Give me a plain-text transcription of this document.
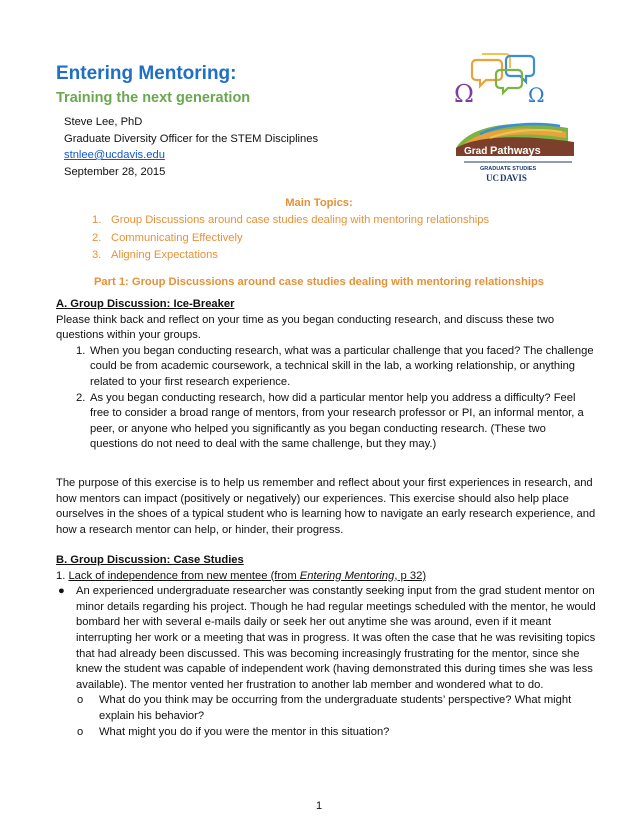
Entering Mentoring:
Training the next generation
Steve Lee, PhD
Graduate Diversity Officer for the STEM Disciplines
stnlee@ucdavis.edu
September 28, 2015
Ω	Ω
Grad Pathways
GRADUATE STUDIES
UC DAVIS
Main Topics:
1. Group Discussions around case studies dealing with mentoring relationships
2. Communicating Effectively
3. Aligning Expectations
Part 1: Group Discussions around case studies dealing with mentoring relationships
A. Group Discussion: Ice-Breaker
Please think back and reflect on your time as you began conducting research, and discuss these two questions within your groups.
1. When you began conducting research, what was a particular challenge that you faced? The challenge could be from academic coursework, a technical skill in the lab, a working relationship, or anything related to your first research experience.
2. As you began conducting research, how did a particular mentor help you address a difficulty? Feel free to consider a broad range of mentors, from your research professor or PI, an informal mentor, a peer, or anyone who helped you significantly as you began conducting research. (These two questions do not need to deal with the same challenge, but they may.)
The purpose of this exercise is to help us remember and reflect about your first experiences in research, and how mentors can impact (positively or negatively) our experiences. This exercise should also help place ourselves in the shoes of a typical student who is learning how to navigate an early research experience, and how a research mentor can help, or hinder, their progress.
B. Group Discussion: Case Studies
1. Lack of independence from new mentee (from Entering Mentoring, p 32)
● An experienced undergraduate researcher was constantly seeking input from the grad student mentor on minor details regarding his project. Though he had regular meetings scheduled with the mentor, he would bombard her with several e-mails daily or seek her out anytime she was around, even if it meant interrupting her work or a meeting that was in progress. It was often the case that he was revisiting topics that had already been discussed. This was becoming increasingly frustrating for the mentor, since she knew the student was capable of independent work (having demonstrated this during times she was less available). The mentor vented her frustration to another lab member and wondered what to do.
o What do you think may be occurring from the undergraduate students’ perspective? What might explain his behavior?
o What might you do if you were the mentor in this situation?
1
